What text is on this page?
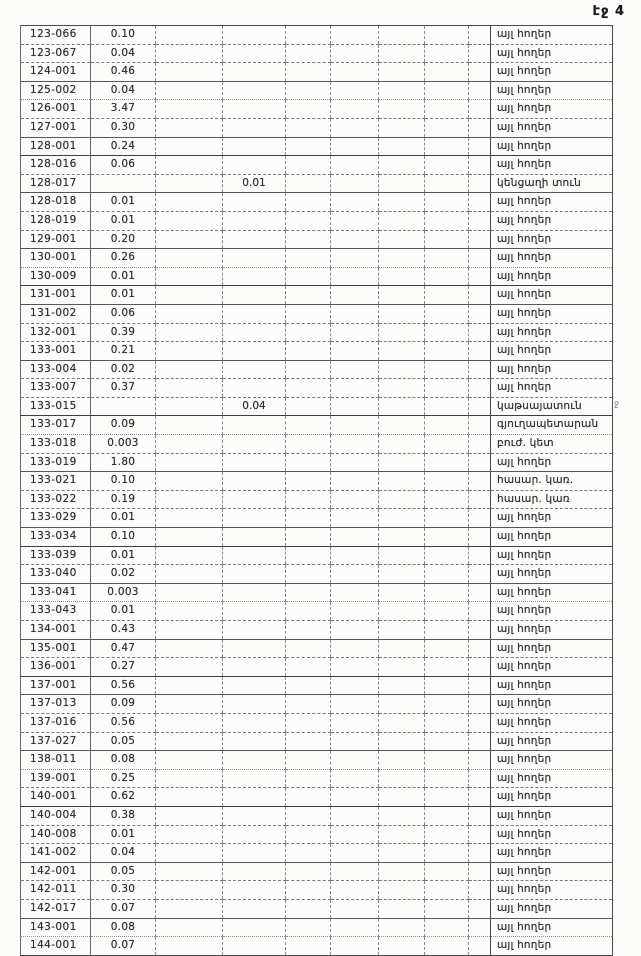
էջ 4
123-066	0.10								այլ հողեր
123-067	0.04								այլ հողեր
124-001	0.46								այլ հողեր
125-002	0.04								այլ հողեր
126-001	3.47								այլ հողեր
127-001	0.30								այլ հողեր
128-001	0.24								այլ հողեր
128-016	0.06								այլ հողեր
128-017			0.01						կենցաղի տուն
128-018	0.01								այլ հողեր
128-019	0.01								այլ հողեր
129-001	0.20								այլ հողեր
130-001	0.26								այլ հողեր
130-009	0.01								այլ հողեր
131-001	0.01								այլ հողեր
131-002	0.06								այլ հողեր
132-001	0.39								այլ հողեր
133-001	0.21								այլ հողեր
133-004	0.02								այլ հողեր
133-007	0.37								այլ հողեր
133-015			0.04						կաթսայատուն
133-017	0.09								գյուղապետարան
133-018	0.003								բուժ. կետ
133-019	1.80								այլ հողեր
133-021	0.10								հասար. կառ.
133-022	0.19								հասար. կառ
133-029	0.01								այլ հողեր
133-034	0.10								այլ հողեր
133-039	0.01								այլ հողեր
133-040	0.02								այլ հողեր
133-041	0.003								այլ հողեր
133-043	0.01								այլ հողեր
134-001	0.43								այլ հողեր
135-001	0.47								այլ հողեր
136-001	0.27								այլ հողեր
137-001	0.56								այլ հողեր
137-013	0.09								այլ հողեր
137-016	0.56								այլ հողեր
137-027	0.05								այլ հողեր
138-011	0.08								այլ հողեր
139-001	0.25								այլ հողեր
140-001	0.62								այլ հողեր
140-004	0.38								այլ հողեր
140-008	0.01								այլ հողեր
141-002	0.04								այլ հողեր
142-001	0.05								այլ հողեր
142-011	0.30								այլ հողեր
142-017	0.07								այլ հողեր
143-001	0.08								այլ հողեր
144-001	0.07								այլ հողեր
ջ
